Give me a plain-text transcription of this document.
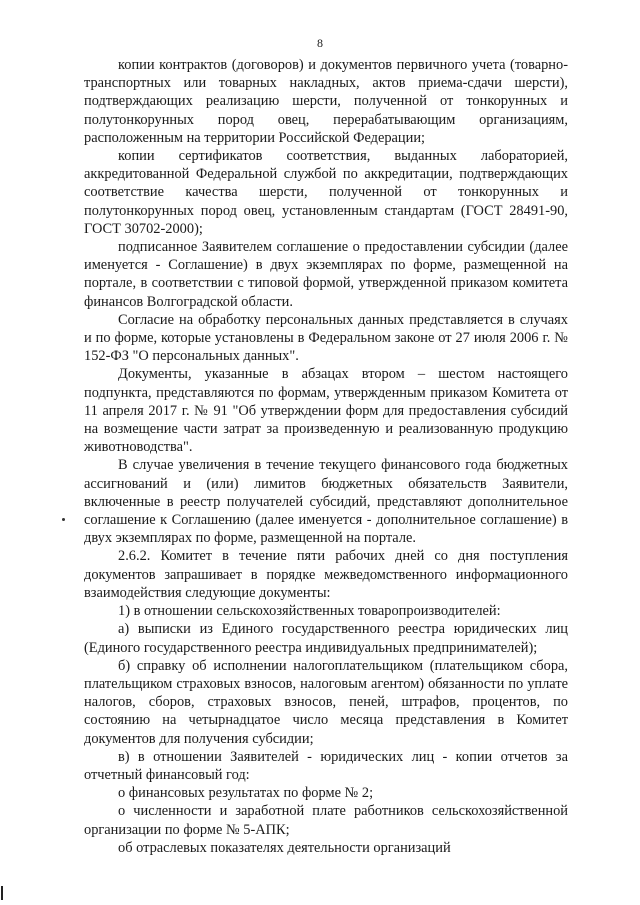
8

копии контрактов (договоров) и документов первичного учета (товарно-транспортных или товарных накладных, актов приема-сдачи шерсти), подтверждающих реализацию шерсти, полученной от тонкорунных и полутонкорунных пород овец, перерабатывающим организациям, расположенным на территории Российской Федерации;

копии сертификатов соответствия, выданных лабораторией, аккредитованной Федеральной службой по аккредитации, подтверждающих соответствие качества шерсти, полученной от тонкорунных и полутонкорунных пород овец, установленным стандартам (ГОСТ 28491-90, ГОСТ 30702-2000);

подписанное Заявителем соглашение о предоставлении субсидии (далее именуется - Соглашение) в двух экземплярах по форме, размещенной на портале, в соответствии с типовой формой, утвержденной приказом комитета финансов Волгоградской области.

Согласие на обработку персональных данных представляется в случаях и по форме, которые установлены в Федеральном законе от 27 июля 2006 г. № 152-ФЗ "О персональных данных".

Документы, указанные в абзацах втором – шестом настоящего подпункта, представляются по формам, утвержденным приказом Комитета от 11 апреля 2017 г. № 91 "Об утверждении форм для предоставления субсидий на возмещение части затрат за произведенную и реализованную продукцию животноводства".

В случае увеличения в течение текущего финансового года бюджетных ассигнований и (или) лимитов бюджетных обязательств Заявители, включенные в реестр получателей субсидий, представляют дополнительное соглашение к Соглашению (далее именуется - дополнительное соглашение) в двух экземплярах по форме, размещенной на портале.

2.6.2. Комитет в течение пяти рабочих дней со дня поступления документов запрашивает в порядке межведомственного информационного взаимодействия следующие документы:

1) в отношении сельскохозяйственных товаропроизводителей:

а) выписки из Единого государственного реестра юридических лиц (Единого государственного реестра индивидуальных предпринимателей);

б) справку об исполнении налогоплательщиком (плательщиком сбора, плательщиком страховых взносов, налоговым агентом) обязанности по уплате налогов, сборов, страховых взносов, пеней, штрафов, процентов, по состоянию на четырнадцатое число месяца представления в Комитет документов для получения субсидии;

в) в отношении Заявителей - юридических лиц - копии отчетов за отчетный финансовый год:

о финансовых результатах по форме № 2;

о численности и заработной плате работников сельскохозяйственной организации по форме № 5-АПК;

об отраслевых показателях деятельности организаций
